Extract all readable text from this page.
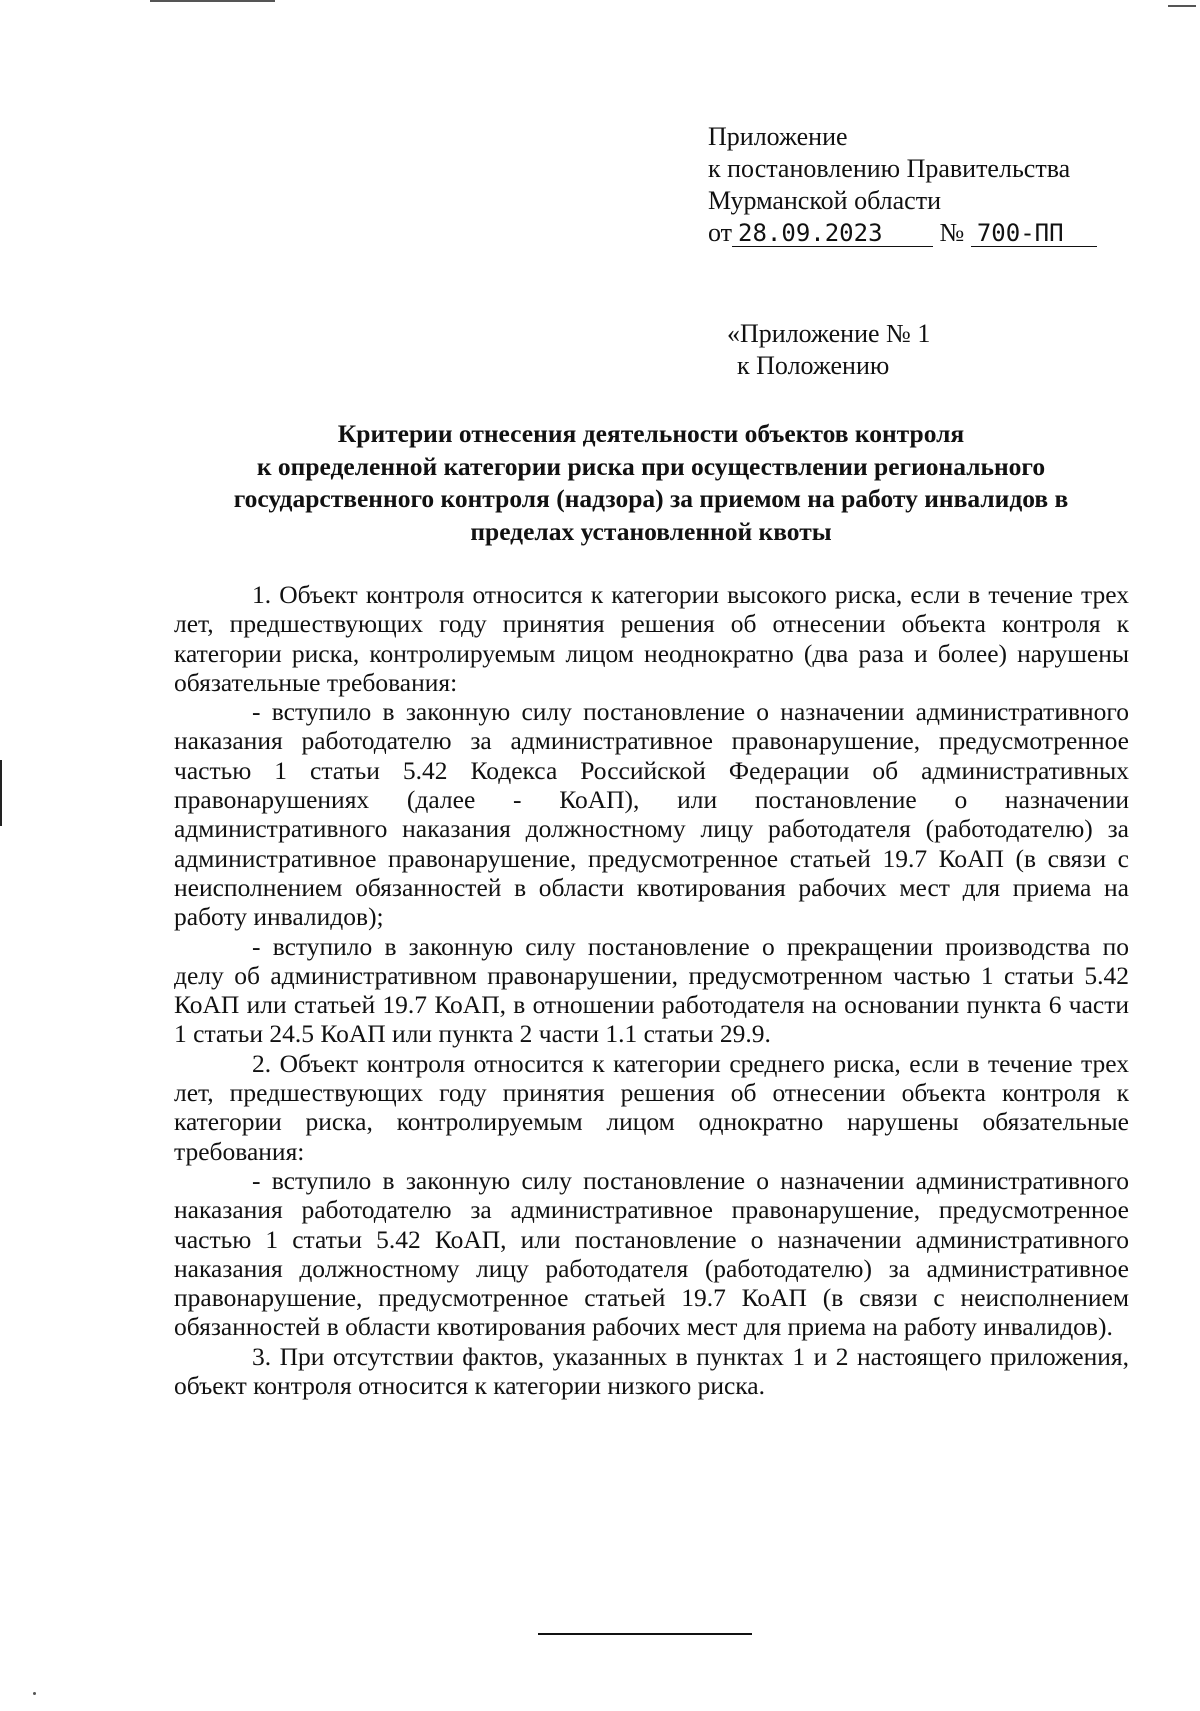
Приложение
к постановлению Правительства
Мурманской области
от 28.09.2023 № 700-ПП
«Приложение № 1
к Положению
Критерии отнесения деятельности объектов контроля
к определенной категории риска при осуществлении регионального
государственного контроля (надзора) за приемом на работу инвалидов в
пределах установленной квоты

1. Объект контроля относится к категории высокого риска, если в течение трех лет, предшествующих году принятия решения об отнесении объекта контроля к категории риска, контролируемым лицом неоднократно (два раза и более) нарушены обязательные требования:

- вступило в законную силу постановление о назначении административного наказания работодателю за административное правонарушение, предусмотренное частью 1 статьи 5.42 Кодекса Российской Федерации об административных правонарушениях (далее - КоАП), или постановление о назначении административного наказания должностному лицу работодателя (работодателю) за административное правонарушение, предусмотренное статьей 19.7 КоАП (в связи с неисполнением обязанностей в области квотирования рабочих мест для приема на работу инвалидов);

- вступило в законную силу постановление о прекращении производства по делу об административном правонарушении, предусмотренном частью 1 статьи 5.42 КоАП или статьей 19.7 КоАП, в отношении работодателя на основании пункта 6 части 1 статьи 24.5 КоАП или пункта 2 части 1.1 статьи 29.9.

2. Объект контроля относится к категории среднего риска, если в течение трех лет, предшествующих году принятия решения об отнесении объекта контроля к категории риска, контролируемым лицом однократно нарушены обязательные требования:

- вступило в законную силу постановление о назначении административного наказания работодателю за административное правонарушение, предусмотренное частью 1 статьи 5.42 КоАП, или постановление о назначении административного наказания должностному лицу работодателя (работодателю) за административное правонарушение, предусмотренное статьей 19.7 КоАП (в связи с неисполнением обязанностей в области квотирования рабочих мест для приема на работу инвалидов).

3. При отсутствии фактов, указанных в пунктах 1 и 2 настоящего приложения, объект контроля относится к категории низкого риска.
